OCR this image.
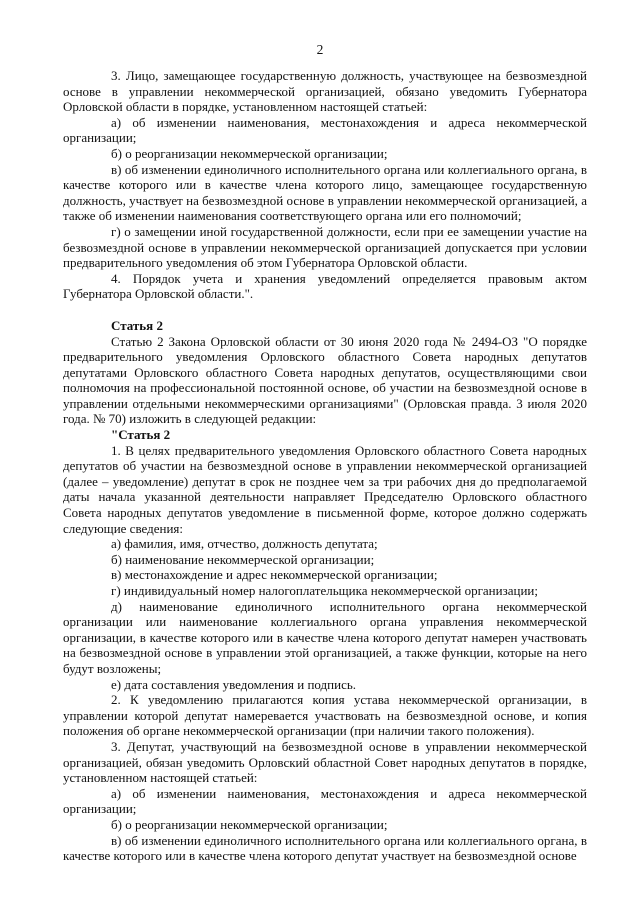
2

3. Лицо, замещающее государственную должность, участвующее на безвозмездной основе в управлении некоммерческой организацией, обязано уведомить Губернатора Орловской области в порядке, установленном настоящей статьей:

а) об изменении наименования, местонахождения и адреса некоммерческой организации;

б) о реорганизации некоммерческой организации;

в) об изменении единоличного исполнительного органа или коллегиального органа, в качестве которого или в качестве члена которого лицо, замещающее государственную должность, участвует на безвозмездной основе в управлении некоммерческой организацией, а также об изменении наименования соответствующего органа или его полномочий;

г) о замещении иной государственной должности, если при ее замещении участие на безвозмездной основе в управлении некоммерческой организацией допускается при условии предварительного уведомления об этом Губернатора Орловской области.

4. Порядок учета и хранения уведомлений определяется правовым актом Губернатора Орловской области.".

Статья 2

Статью 2 Закона Орловской области от 30 июня 2020 года № 2494-ОЗ "О порядке предварительного уведомления Орловского областного Совета народных депутатов депутатами Орловского областного Совета народных депутатов, осуществляющими свои полномочия на профессиональной постоянной основе, об участии на безвозмездной основе в управлении отдельными некоммерческими организациями" (Орловская правда. 3 июля 2020 года. № 70) изложить в следующей редакции:

"Статья 2

1. В целях предварительного уведомления Орловского областного Совета народных депутатов об участии на безвозмездной основе в управлении некоммерческой организацией (далее – уведомление) депутат в срок не позднее чем за три рабочих дня до предполагаемой даты начала указанной деятельности направляет Председателю Орловского областного Совета народных депутатов уведомление в письменной форме, которое должно содержать следующие сведения:

а) фамилия, имя, отчество, должность депутата;

б) наименование некоммерческой организации;

в) местонахождение и адрес некоммерческой организации;

г) индивидуальный номер налогоплательщика некоммерческой организации;

д) наименование единоличного исполнительного органа некоммерческой организации или наименование коллегиального органа управления некоммерческой организации, в качестве которого или в качестве члена которого депутат намерен участвовать на безвозмездной основе в управлении этой организацией, а также функции, которые на него будут возложены;

е) дата составления уведомления и подпись.

2. К уведомлению прилагаются копия устава некоммерческой организации, в управлении которой депутат намеревается участвовать на безвозмездной основе, и копия положения об органе некоммерческой организации (при наличии такого положения).

3. Депутат, участвующий на безвозмездной основе в управлении некоммерческой организацией, обязан уведомить Орловский областной Совет народных депутатов в порядке, установленном настоящей статьей:

а) об изменении наименования, местонахождения и адреса некоммерческой организации;

б) о реорганизации некоммерческой организации;

в) об изменении единоличного исполнительного органа или коллегиального органа, в качестве которого или в качестве члена которого депутат участвует на безвозмездной основе
